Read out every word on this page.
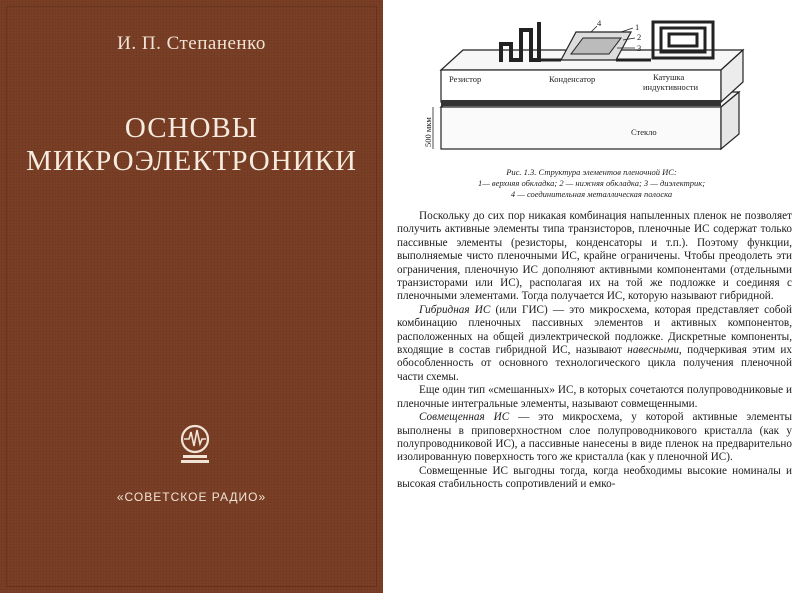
И. П. Степаненко
ОСНОВЫ
МИКРОЭЛЕКТРОНИКИ
«СОВЕТСКОЕ РАДИО»
Резистор	Конденсатор	Катушка
индуктивности
Стекло
500 мкм
1
2
3
4
Рис. 1.3. Структура элементов пленочной ИС:
1— верхняя обкладка; 2 — нижняя обкладка; 3 — диэлектрик;
4 — соединительная металлическая полоска

Поскольку до сих пор никакая комбинация напыленных пленок не позволяет получить активные элементы типа транзисторов, пленочные ИС содержат только пассивные элементы (резисторы, конденсаторы и т.п.). Поэтому функции, выполняемые чисто пленочными ИС, крайне ограничены. Чтобы преодолеть эти ограничения, пленочную ИС дополняют активными компонентами (отдельными транзисторами или ИС), располагая их на той же подложке и соединяя с пленочными элементами. Тогда получается ИС, которую называют гибридной.

Гибридная ИС (или ГИС) — это микросхема, которая представляет собой комбинацию пленочных пассивных элементов и активных компонентов, расположенных на общей диэлектрической подложке. Дискретные компоненты, входящие в состав гибридной ИС, называют навесными, подчеркивая этим их обособленность от основного технологического цикла получения пленочной части схемы.

Еще один тип «смешанных» ИС, в которых сочетаются полупроводниковые и пленочные интегральные элементы, называют совмещенными.

Совмещенная ИС — это микросхема, у которой активные элементы выполнены в приповерхностном слое полупроводникового кристалла (как у полупроводниковой ИС), а пассивные нанесены в виде пленок на предварительно изолированную поверхность того же кристалла (как у пленочной ИС).

Совмещенные ИС выгодны тогда, когда необходимы высокие номиналы и высокая стабильность сопротивлений и емко-
